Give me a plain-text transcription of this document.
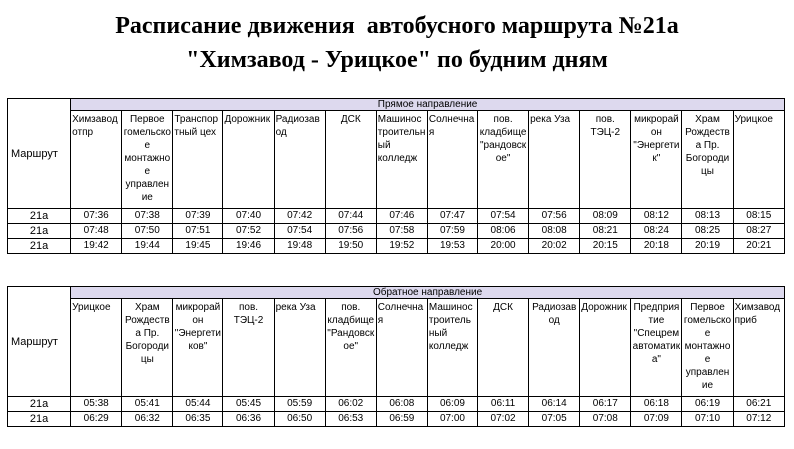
Расписание движения  автобусного маршрута №21а
"Химзавод - Урицкое" по будним дням
Маршрут	Прямое направление													
	Химзавод отпр	Первое гомельское монтажное управление	Транспортный цех	Дорожник	Радиозавод	ДСК	Машиностроительный колледж	Солнечная	пов. кладбище "рандовское"	река Уза	пов. ТЭЦ-2	микрорайон "Энергетик"	Храм Рождества Пр. Богородицы	Урицкое
21а	07:36	07:38	07:39	07:40	07:42	07:44	07:46	07:47	07:54	07:56	08:09	08:12	08:13	08:15
21а	07:48	07:50	07:51	07:52	07:54	07:56	07:58	07:59	08:06	08:08	08:21	08:24	08:25	08:27
21а	19:42	19:44	19:45	19:46	19:48	19:50	19:52	19:53	20:00	20:02	20:15	20:18	20:19	20:21
Маршрут	Обратное направление													
	Урицкое	Храм Рождества Пр. Богородицы	микрорайон "Энергетиков"	пов. ТЭЦ-2	река Уза	пов. кладбище "Рандовское"	Солнечная	Машиностроительный колледж	ДСК	Радиозавод	Дорожник	Предприятие "Спецремавтоматика"	Первое гомельское монтажное управление	Химзавод приб
21а	05:38	05:41	05:44	05:45	05:59	06:02	06:08	06:09	06:11	06:14	06:17	06:18	06:19	06:21
21а	06:29	06:32	06:35	06:36	06:50	06:53	06:59	07:00	07:02	07:05	07:08	07:09	07:10	07:12
